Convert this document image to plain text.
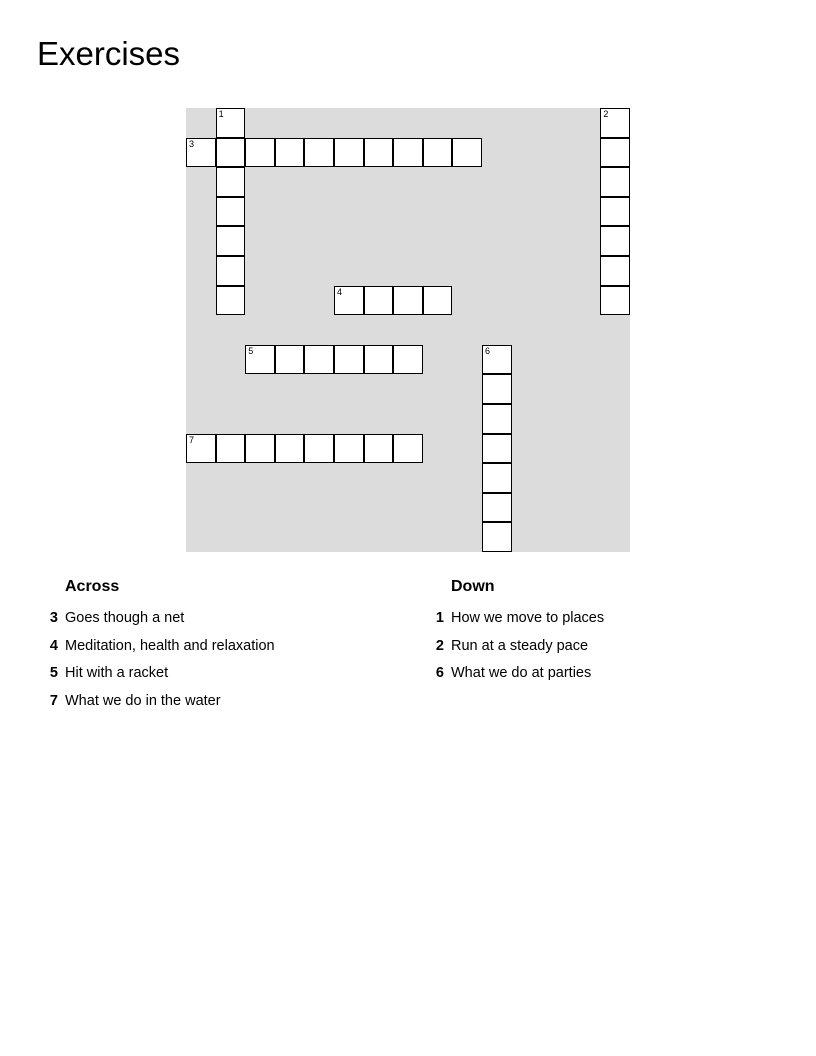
Exercises
1	2
3
4
5	6
7
Across
3 Goes though a net
4 Meditation, health and relaxation
5 Hit with a racket
7 What we do in the water
Down
1 How we move to places
2 Run at a steady pace
6 What we do at parties
